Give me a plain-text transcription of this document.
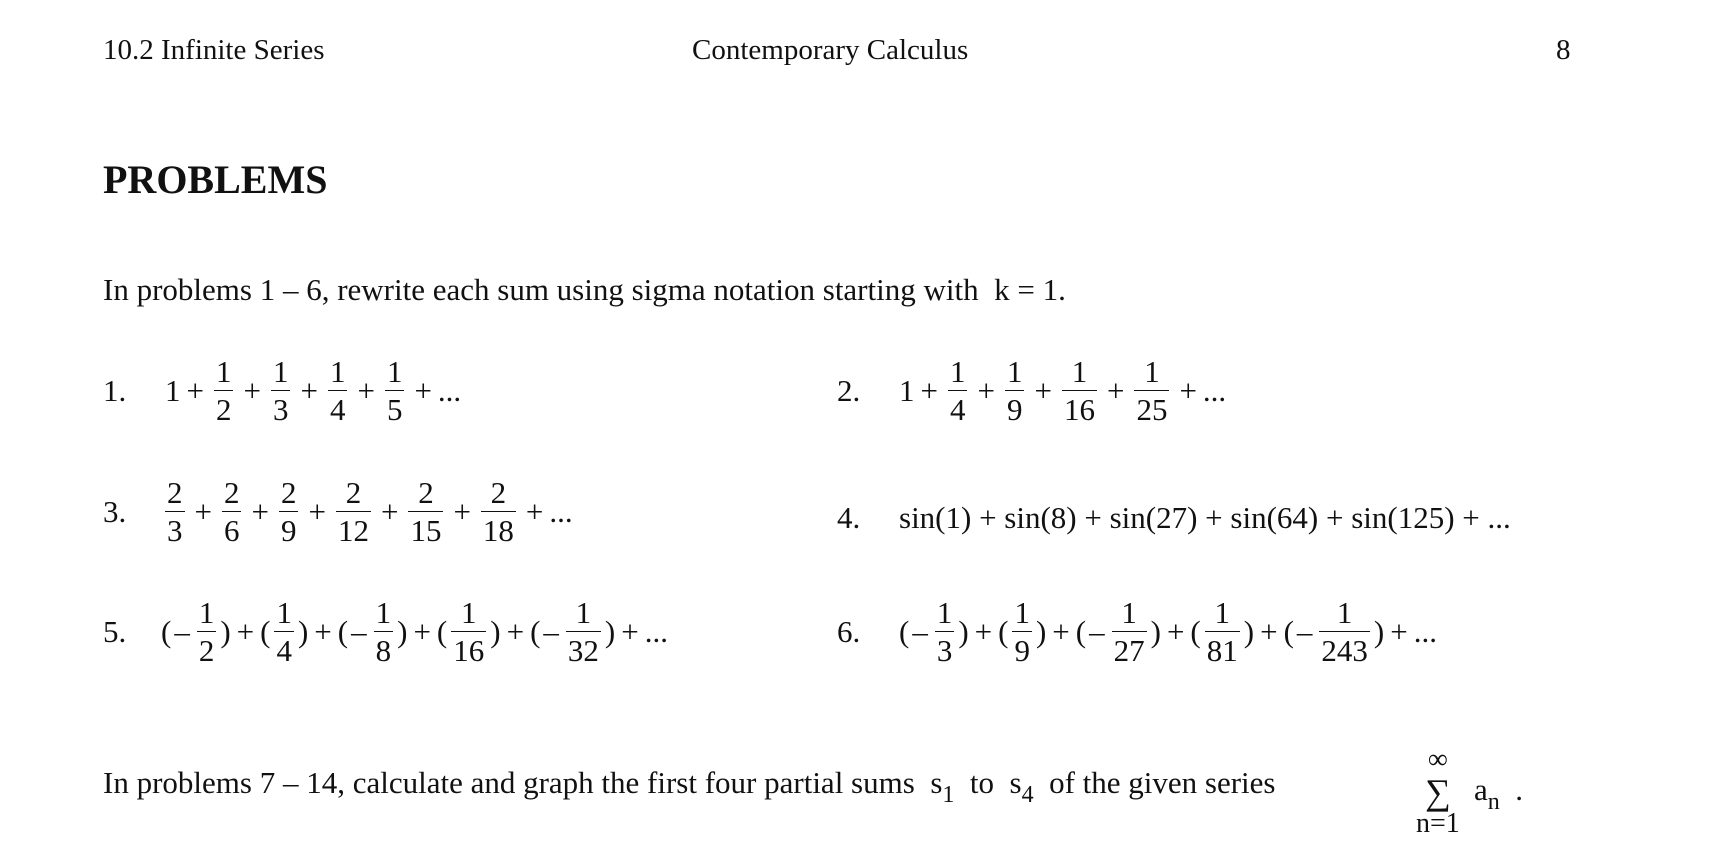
10.2 Infinite Series	Contemporary Calculus	8
PROBLEMS
In problems 1 – 6, rewrite each sum using sigma notation starting with k = 1.
1.	$1 + \frac{1}{2} + \frac{1}{3} + \frac{1}{4} + \frac{1}{5}$ + ...	2.	$1 + \frac{1}{4} + \frac{1}{9} + \frac{1}{16} + \frac{1}{25}$ + ...
3.	$\frac{2}{3} + \frac{2}{6} + \frac{2}{9} + \frac{2}{12} + \frac{2}{15} + \frac{2}{18}$ + ...	4.	sin(1) + sin(8) + sin(27) + sin(64) + sin(125) + ...
5.	( – $\frac{1}{2}$ ) + ( $\frac{1}{4}$ ) + ( – $\frac{1}{8}$ ) + ( $\frac{1}{16}$ ) + ( – $\frac{1}{32}$ ) + ...	6.	( – $\frac{1}{3}$ ) + ( $\frac{1}{9}$ ) + ( – $\frac{1}{27}$ ) + ( $\frac{1}{81}$ ) + ( – $\frac{1}{243}$ ) + ...
In problems 7 – 14, calculate and graph the first four partial sums $s_1$ to $s_4$ of the given series
∞
∑
n=1
$a_n$ .
